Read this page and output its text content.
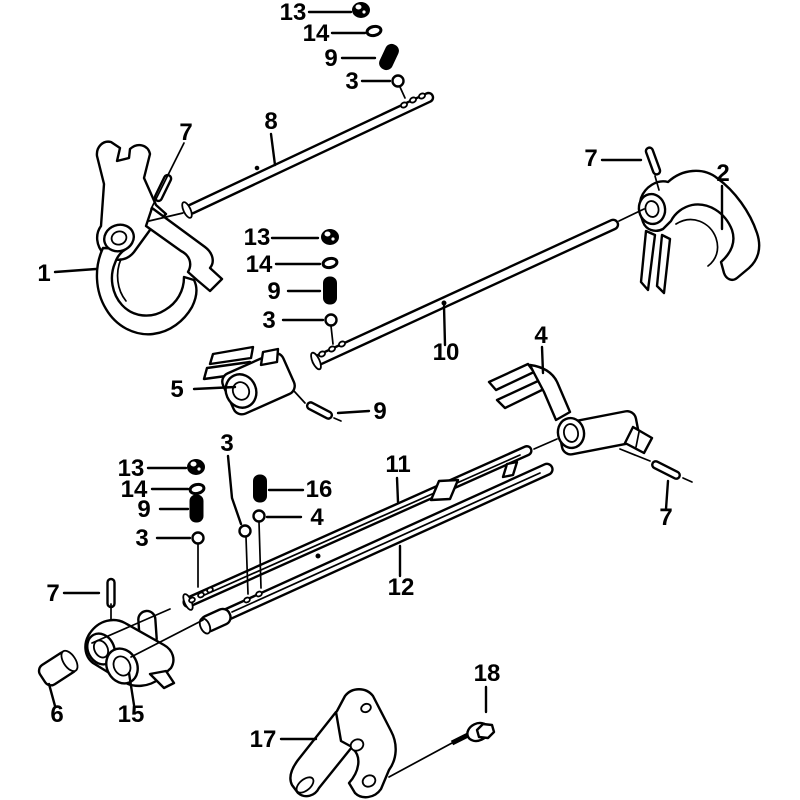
13
14
9
3
7	8
7
2
1
13
14
9
3
10
4
5
9
13
14
9
3
3
16
4
11
12
7
6 15
17
18
7
